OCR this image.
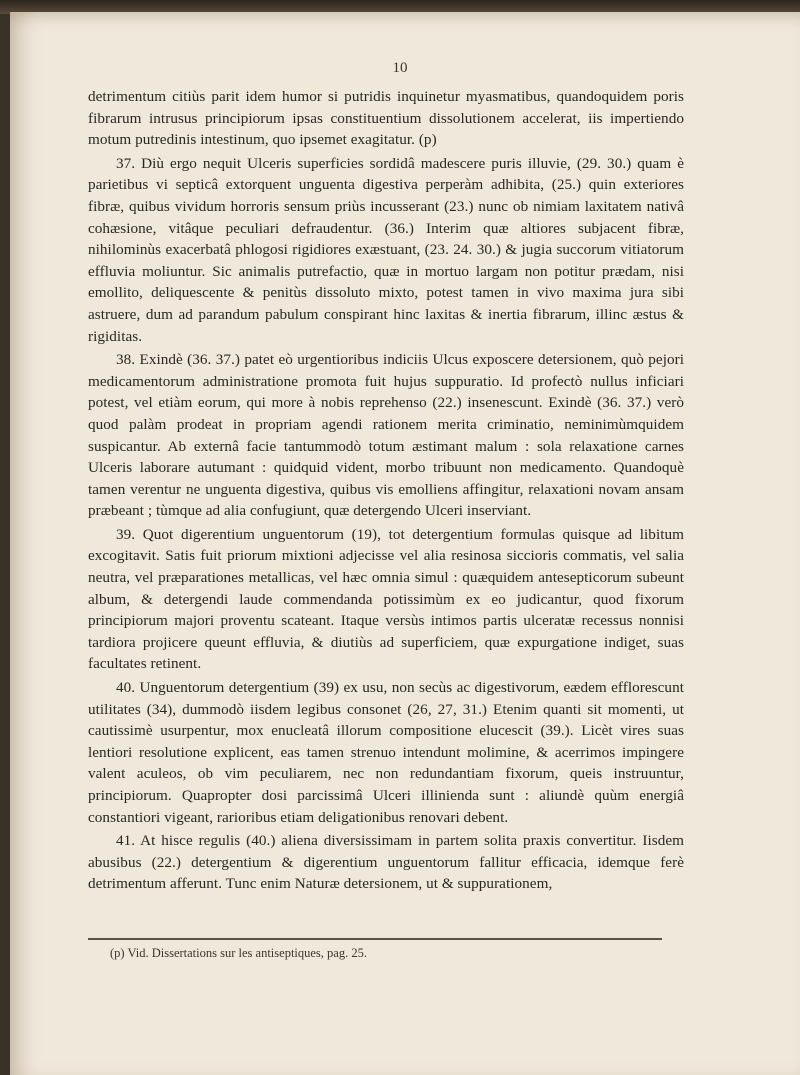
10

detrimentum citiùs parit idem humor si putridis inquinetur myasmatibus, quandoquidem poris fibrarum intrusus principiorum ipsas constituentium dissolutionem accelerat, iis impertiendo motum putredinis intestinum, quo ipsemet exagitatur. (p)

37. Diù ergo nequit Ulceris superficies sordidâ madescere puris illuvie, (29. 30.) quam è parietibus vi septicâ extorquent unguenta digestiva perperàm adhibita, (25.) quin exteriores fibræ, quibus vividum horroris sensum priùs incusserant (23.) nunc ob nimiam laxitatem nativâ cohæsione, vitâque peculiari defraudentur. (36.) Interim quæ altiores subjacent fibræ, nihilominùs exacerbatâ phlogosi rigidiores exæstuant, (23. 24. 30.) & jugia succorum vitiatorum effluvia moliuntur. Sic animalis putrefactio, quæ in mortuo largam non potitur prædam, nisi emollito, deliquescente & penitùs dissoluto mixto, potest tamen in vivo maxima jura sibi astruere, dum ad parandum pabulum conspirant hinc laxitas & inertia fibrarum, illinc æstus & rigiditas.

38. Exindè (36. 37.) patet eò urgentioribus indiciis Ulcus exposcere detersionem, quò pejori medicamentorum administratione promota fuit hujus suppuratio. Id profectò nullus inficiari potest, vel etiàm eorum, qui more à nobis reprehenso (22.) insenescunt. Exindè (36. 37.) verò quod palàm prodeat in propriam agendi rationem merita criminatio, neminimùmquidem suspicantur. Ab externâ facie tantummodò totum æstimant malum : sola relaxatione carnes Ulceris laborare autumant : quidquid vident, morbo tribuunt non medicamento. Quandoquè tamen verentur ne unguenta digestiva, quibus vis emolliens affingitur, relaxationi novam ansam præbeant ; tùmque ad alia confugiunt, quæ detergendo Ulceri inserviant.

39. Quot digerentium unguentorum (19), tot detergentium formulas quisque ad libitum excogitavit. Satis fuit priorum mixtioni adjecisse vel alia resinosa siccioris commatis, vel salia neutra, vel præparationes metallicas, vel hæc omnia simul : quæquidem antesepticorum subeunt album, & detergendi laude commendanda potissimùm ex eo judicantur, quod fixorum principiorum majori proventu scateant. Itaque versùs intimos partis ulceratæ recessus nonnisi tardiora projicere queunt effluvia, & diutiùs ad superficiem, quæ expurgatione indiget, suas facultates retinent.

40. Unguentorum detergentium (39) ex usu, non secùs ac digestivorum, eædem efflorescunt utilitates (34), dummodò iisdem legibus consonet (26, 27, 31.) Etenim quanti sit momenti, ut cautissimè usurpentur, mox enucleatâ illorum compositione elucescit (39.). Licèt vires suas lentiori resolutione explicent, eas tamen strenuo intendunt molimine, & acerrimos impingere valent aculeos, ob vim peculiarem, nec non redundantiam fixorum, queis instruuntur, principiorum. Quapropter dosi parcissimâ Ulceri illinienda sunt : aliundè quùm energiâ constantiori vigeant, rarioribus etiam deligationibus renovari debent.

41. At hisce regulis (40.) aliena diversissimam in partem solita praxis convertitur. Iisdem abusibus (22.) detergentium & digerentium unguentorum fallitur efficacia, idemque ferè detrimentum afferunt. Tunc enim Naturæ detersionem, ut & suppurationem,

(p) Vid. Dissertations sur les antiseptiques, pag. 25.
